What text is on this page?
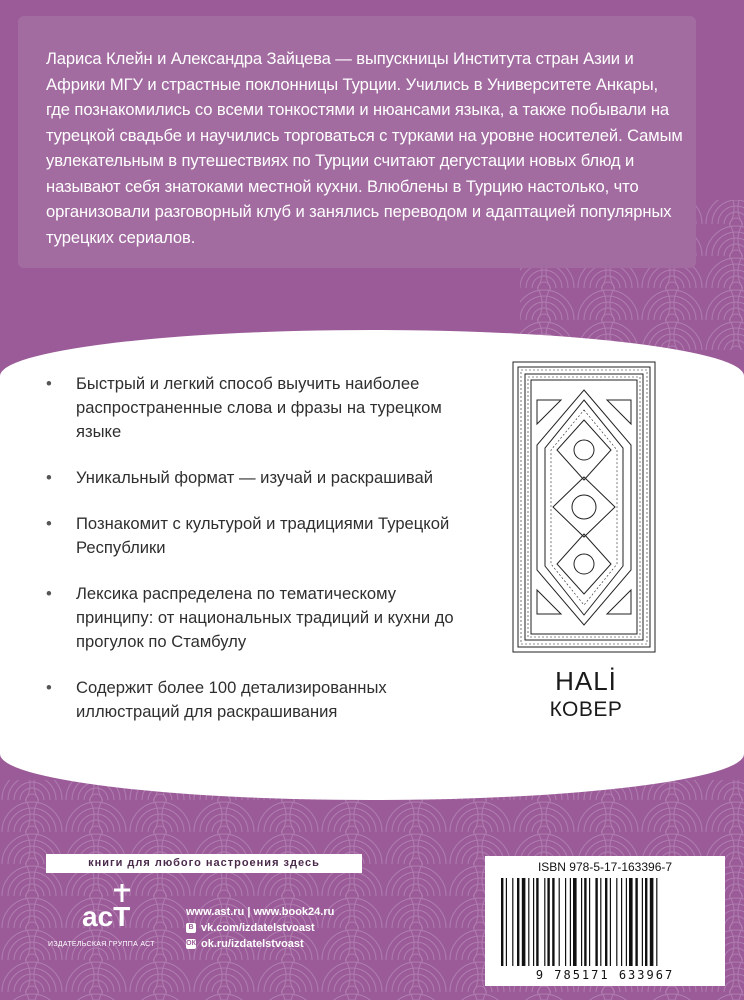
Лариса Клейн и Александра Зайцева — выпускницы Института стран Азии и Африки МГУ и страстные поклонницы Турции. Учились в Университете Анкары, где познакомились со всеми тонкостями и нюансами языка, а также побывали на турецкой свадьбе и научились торговаться с турками на уровне носителей. Самым увлекательным в путешествиях по Турции считают дегустации новых блюд и называют себя знатоками местной кухни. Влюблены в Турцию настолько, что организовали разговорный клуб и занялись переводом и адаптацией популярных турецких сериалов.
• Быстрый и легкий способ выучить наиболее распространенные слова и фразы на турецком языке
• Уникальный формат — изучай и раскрашивай
• Познакомит с культурой и традициями Турецкой Республики
• Лексика распределена по тематическому принципу: от национальных традиций и кухни до прогулок по Стамбулу
• Содержит более 100 детализированных иллюстраций для раскрашивания
HALİ
КОВЕР
книги для любого настроения здесь
acT
ИЗДАТЕЛЬСКАЯ ГРУППА АСТ
www.ast.ru | www.book24.ru
В vk.com/izdatelstvoast
ОК ok.ru/izdatelstvoast
ISBN 978-5-17-163396-7
9 785171 633967
